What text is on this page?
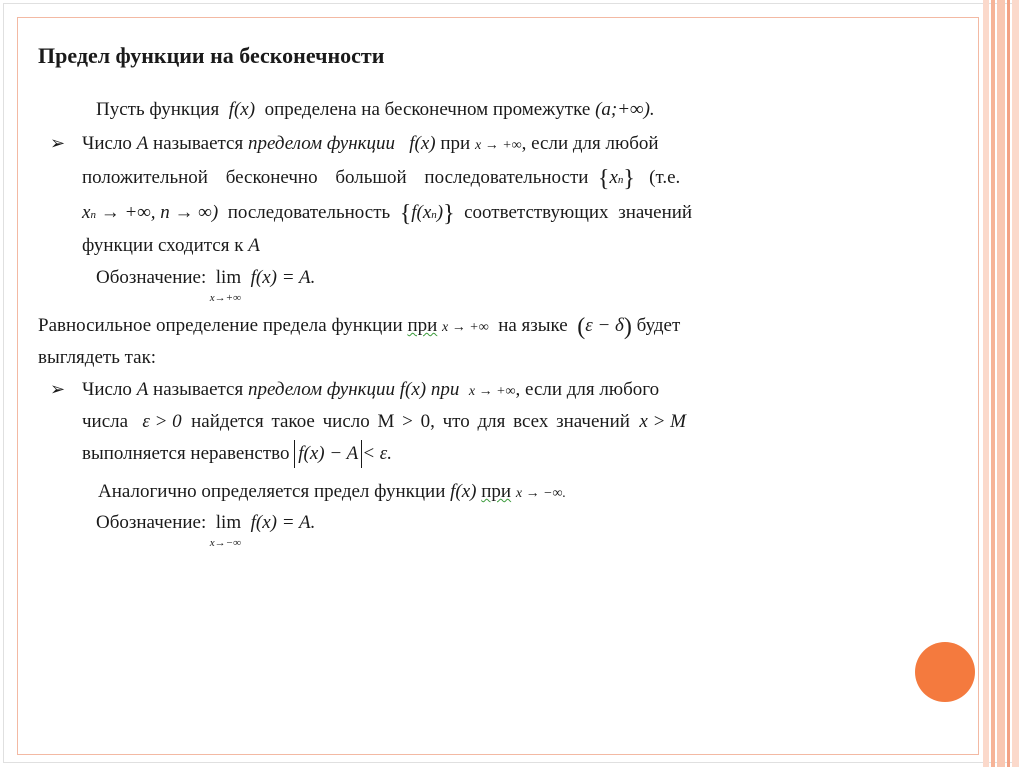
Предел функции на бесконечности
Пусть функция f(x) определена на бесконечном промежутке (a;+∞).
➢ Число A называется пределом функции f(x) при x → +∞, если для любой
положительной бесконечно большой последовательности {xn} (т.е.
xn → +∞, n → ∞) последовательность {f(xn)} соответствующих значений
функции сходится к A
Обозначение: lim
x→+∞
f(x) = A.
Равносильное определение предела функции при x → +∞ на языке (ε − δ) будет
выглядеть так:
➢ Число A называется пределом функции f(x) при x → +∞, если для любого
числа ε > 0 найдется такое число M > 0, что для всех значений x > M
выполняется неравенство f(x) − A < ε.
Аналогично определяется предел функции f(x) при x → −∞.
Обозначение: lim
x→−∞
f(x) = A.
